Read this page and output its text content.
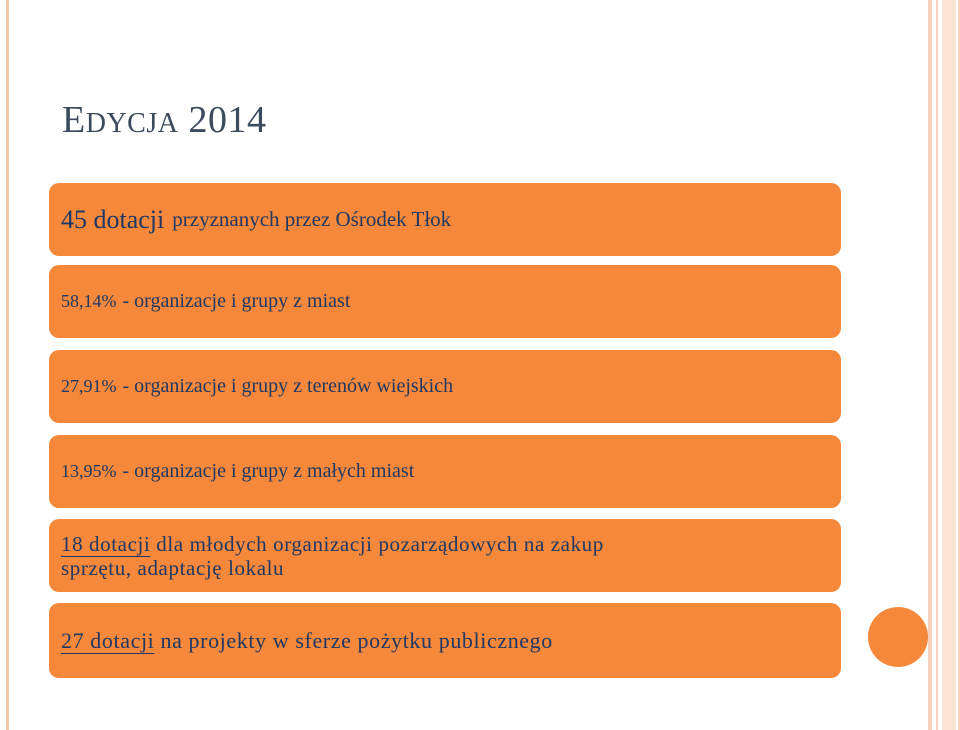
EDYCJA 2014
45 dotacji przyznanych przez Ośrodek Tłok
58,14% - organizacje i grupy z miast
27,91% - organizacje i grupy z terenów wiejskich
13,95% - organizacje i grupy z małych miast
18 dotacji dla młodych organizacji pozarządowych na zakup
sprzętu, adaptację lokalu
27 dotacji na projekty w sferze pożytku publicznego
